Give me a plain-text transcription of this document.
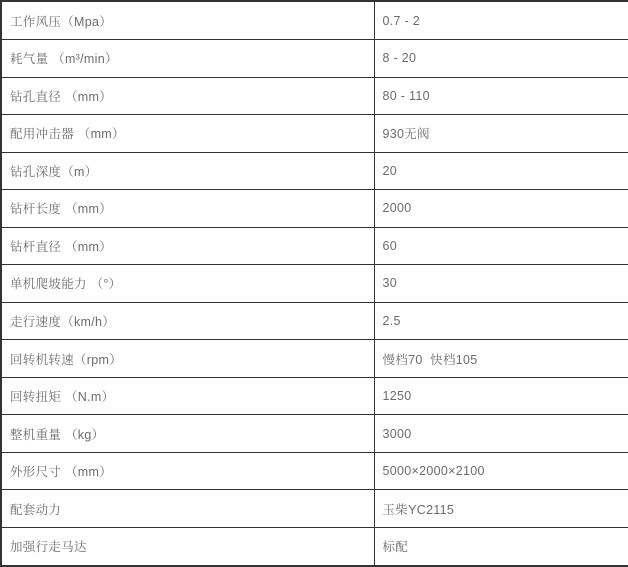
工作风压（Mpa）	0.7 - 2
耗气量 （m³/min）	8 - 20
钻孔直径 （mm）	80 - 110
配用冲击器 （mm）	930无阀
钻孔深度（m）	20
钻杆长度 （mm）	2000
钻杆直径 （mm）	60
单机爬坡能力 （°）	30
走行速度（km/h）	2.5
回转机转速（rpm）	慢档70  快档105
回转扭矩 （N.m）	1250
整机重量 （kg）	3000
外形尺寸 （mm）	5000×2000×2100
配套动力	玉柴YC2115
加强行走马达	标配
